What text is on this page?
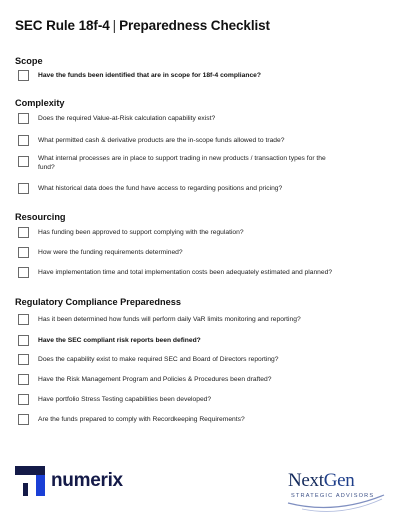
SEC Rule 18f-4 | Preparedness Checklist
Scope
Have the funds been identified that are in scope for 18f-4 compliance?
Complexity
Does the required Value-at-Risk calculation capability exist?
What permitted cash & derivative products are the in-scope funds allowed to trade?
What internal processes are in place to support trading in new products / transaction types for the fund?
What historical data does the fund have access to regarding positions and pricing?
Resourcing
Has funding been approved to support complying with the regulation?
How were the funding requirements determined?
Have implementation time and total implementation costs been adequately estimated and planned?
Regulatory Compliance Preparedness
Has it been determined how funds will perform daily VaR limits monitoring and reporting?
Have the SEC compliant risk reports been defined?
Does the capability exist to make required SEC and Board of Directors reporting?
Have the Risk Management Program and Policies & Procedures been drafted?
Have portfolio Stress Testing capabilities been developed?
Are the funds prepared to comply with Recordkeeping Requirements?
numerix	NextGen
STRATEGIC ADVISORS
